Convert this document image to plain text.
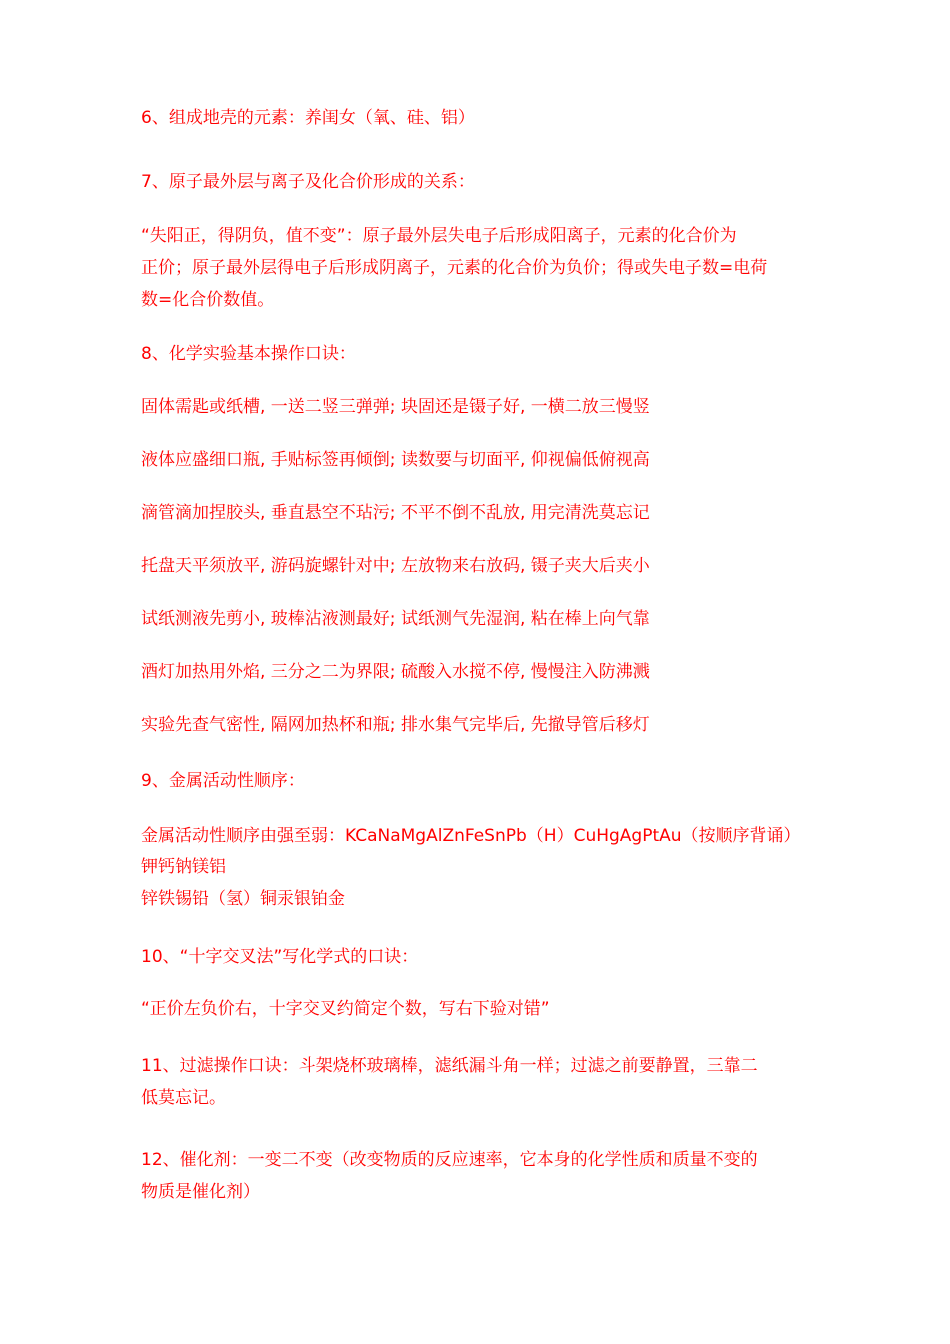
6、组成地壳的元素：养闺女（氧、硅、铝）
7、原子最外层与离子及化合价形成的关系：
“失阳正，得阴负，值不变”：原子最外层失电子后形成阳离子，元素的化合价为
正价；原子最外层得电子后形成阴离子，元素的化合价为负价；得或失电子数=电荷
数=化合价数值。
8、化学实验基本操作口诀：
固体需匙或纸槽, 一送二竖三弹弹; 块固还是镊子好, 一横二放三慢竖
液体应盛细口瓶, 手贴标签再倾倒; 读数要与切面平, 仰视偏低俯视高
滴管滴加捏胶头, 垂直悬空不玷污; 不平不倒不乱放, 用完清洗莫忘记
托盘天平须放平, 游码旋螺针对中; 左放物来右放码, 镊子夹大后夹小
试纸测液先剪小, 玻棒沾液测最好; 试纸测气先湿润, 粘在棒上向气靠
酒灯加热用外焰, 三分之二为界限; 硫酸入水搅不停, 慢慢注入防沸溅
实验先查气密性, 隔网加热杯和瓶; 排水集气完毕后, 先撤导管后移灯
9、金属活动性顺序：
金属活动性顺序由强至弱：KCaNaMgAlZnFeSnPb（H）CuHgAgPtAu（按顺序背诵）
钾钙钠镁铝
锌铁锡铅（氢）铜汞银铂金
10、“十字交叉法”写化学式的口诀：
“正价左负价右，十字交叉约简定个数，写右下验对错”
11、过滤操作口诀：斗架烧杯玻璃棒，滤纸漏斗角一样；过滤之前要静置，三靠二
低莫忘记。
12、催化剂：一变二不变（改变物质的反应速率，它本身的化学性质和质量不变的
物质是催化剂）
